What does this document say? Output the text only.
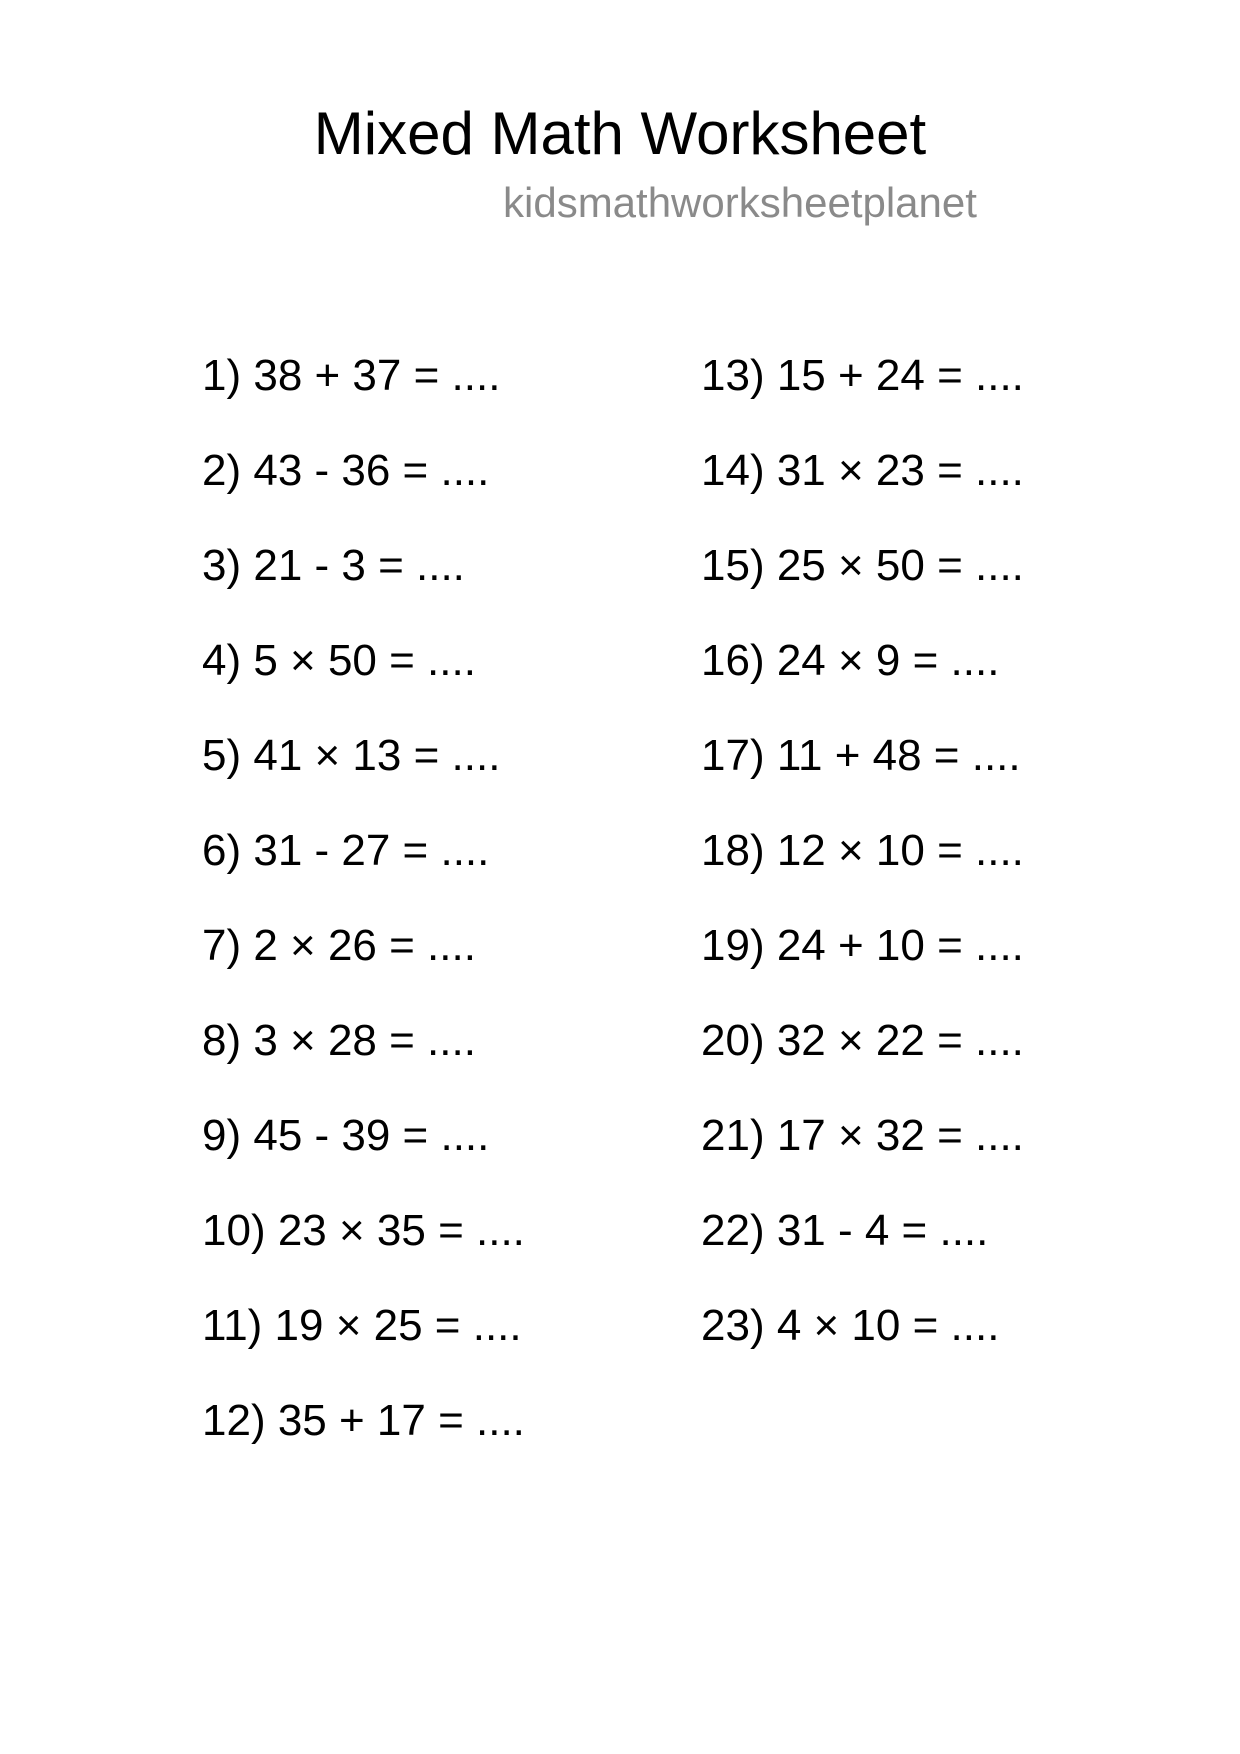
Mixed Math Worksheet
kidsmathworksheetplanet
1) 38 + 37 = ....
2) 43 - 36 = ....
3) 21 - 3 = ....
4) 5 × 50 = ....
5) 41 × 13 = ....
6) 31 - 27 = ....
7) 2 × 26 = ....
8) 3 × 28 = ....
9) 45 - 39 = ....
10) 23 × 35 = ....
11) 19 × 25 = ....
12) 35 + 17 = ....
13) 15 + 24 = ....
14) 31 × 23 = ....
15) 25 × 50 = ....
16) 24 × 9 = ....
17) 11 + 48 = ....
18) 12 × 10 = ....
19) 24 + 10 = ....
20) 32 × 22 = ....
21) 17 × 32 = ....
22) 31 - 4 = ....
23) 4 × 10 = ....
